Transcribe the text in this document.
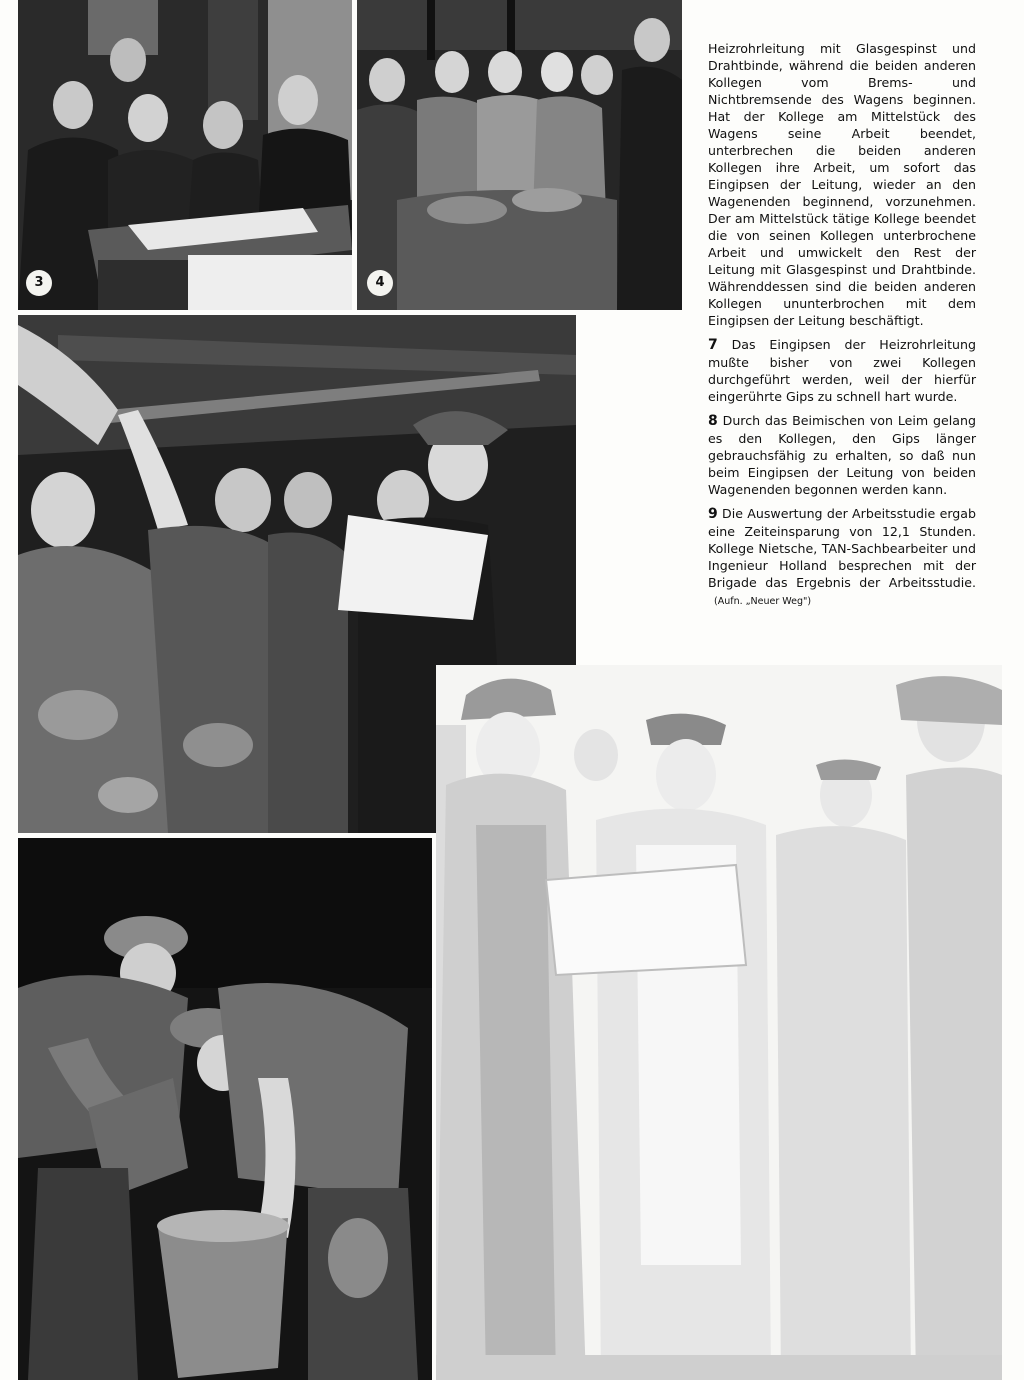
3	4

Heizrohrleitung mit Glasgespinst und Drahtbinde, während die beiden anderen Kollegen vom Brems- und Nichtbremsende des Wagens beginnen. Hat der Kollege am Mittelstück des Wagens seine Arbeit beendet, unterbrechen die beiden anderen Kollegen ihre Arbeit, um sofort das Eingipsen der Leitung, wieder an den Wagenenden beginnend, vorzunehmen. Der am Mittelstück tätige Kollege beendet die von seinen Kollegen unterbrochene Arbeit und umwickelt den Rest der Leitung mit Glasgespinst und Drahtbinde. Währenddessen sind die beiden anderen Kollegen ununterbrochen mit dem Eingipsen der Leitung beschäftigt.

7 Das Eingipsen der Heizrohrleitung mußte bisher von zwei Kollegen durchgeführt werden, weil der hierfür eingerührte Gips zu schnell hart wurde.

8 Durch das Beimischen von Leim gelang es den Kollegen, den Gips länger gebrauchsfähig zu erhalten, so daß nun beim Eingipsen der Leitung von beiden Wagenenden begonnen werden kann.

9 Die Auswertung der Arbeitsstudie ergab eine Zeiteinsparung von 12,1 Stunden. Kollege Nietsche, TAN-Sachbearbeiter und Ingenieur Holland besprechen mit der Brigade das Ergebnis der Arbeitsstudie. (Aufn. „Neuer Weg")
